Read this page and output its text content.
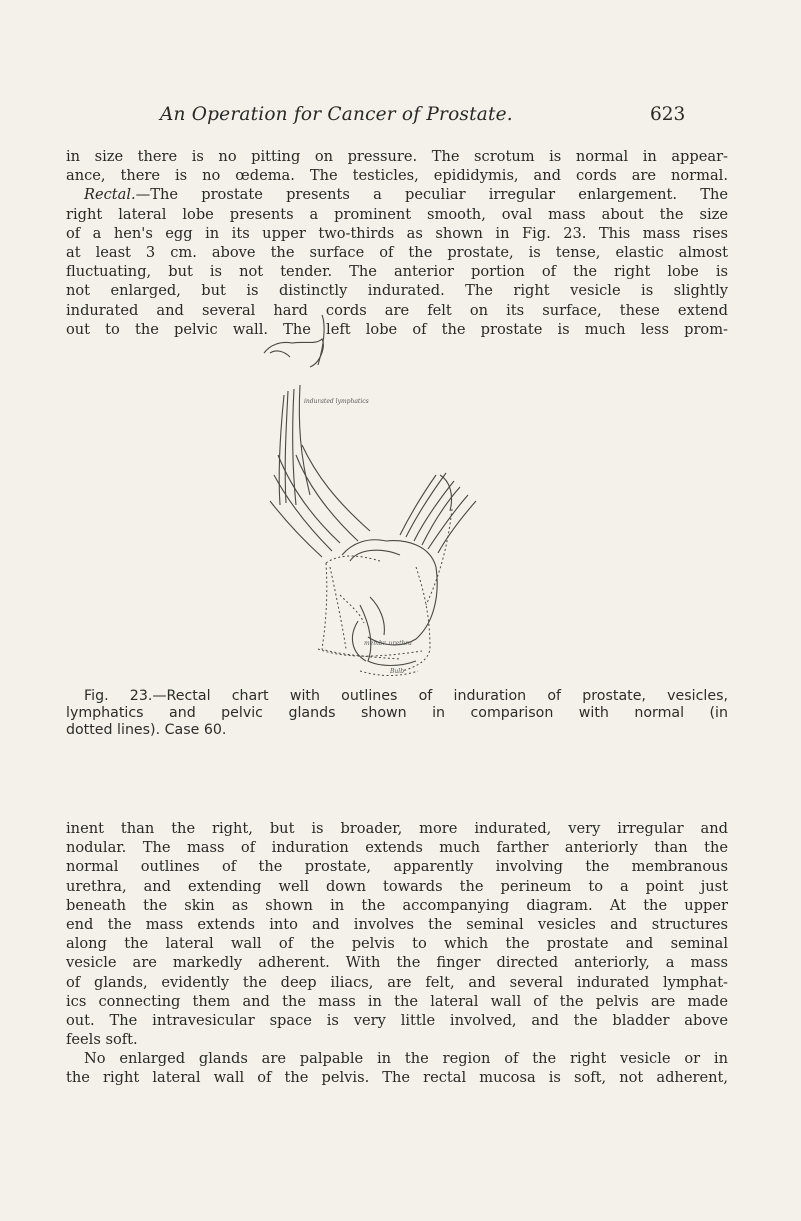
An Operation for Cancer of Prostate.	623
in size there is no pitting on pressure. The scrotum is normal in appear-
ance, there is no œdema. The testicles, epididymis, and cords are normal.
Rectal.—The prostate presents a peculiar irregular enlargement. The
right lateral lobe presents a prominent smooth, oval mass about the size
of a hen's egg in its upper two-thirds as shown in Fig. 23. This mass rises
at least 3 cm. above the surface of the prostate, is tense, elastic almost
fluctuating, but is not tender. The anterior portion of the right lobe is
not enlarged, but is distinctly indurated. The right vesicle is slightly
indurated and several hard cords are felt on its surface, these extend
out to the pelvic wall. The left lobe of the prostate is much less prom-
indurated lymphatics
membr. urethra
Bulb
Fig. 23.—Rectal chart with outlines of induration of prostate, vesicles,
lymphatics and pelvic glands shown in comparison with normal (in
dotted lines). Case 60.
inent than the right, but is broader, more indurated, very irregular and
nodular. The mass of induration extends much farther anteriorly than the
normal outlines of the prostate, apparently involving the membranous
urethra, and extending well down towards the perineum to a point just
beneath the skin as shown in the accompanying diagram. At the upper
end the mass extends into and involves the seminal vesicles and structures
along the lateral wall of the pelvis to which the prostate and seminal
vesicle are markedly adherent. With the finger directed anteriorly, a mass
of glands, evidently the deep iliacs, are felt, and several indurated lymphat-
ics connecting them and the mass in the lateral wall of the pelvis are made
out. The intravesicular space is very little involved, and the bladder above
feels soft.
No enlarged glands are palpable in the region of the right vesicle or in
the right lateral wall of the pelvis. The rectal mucosa is soft, not adherent,
